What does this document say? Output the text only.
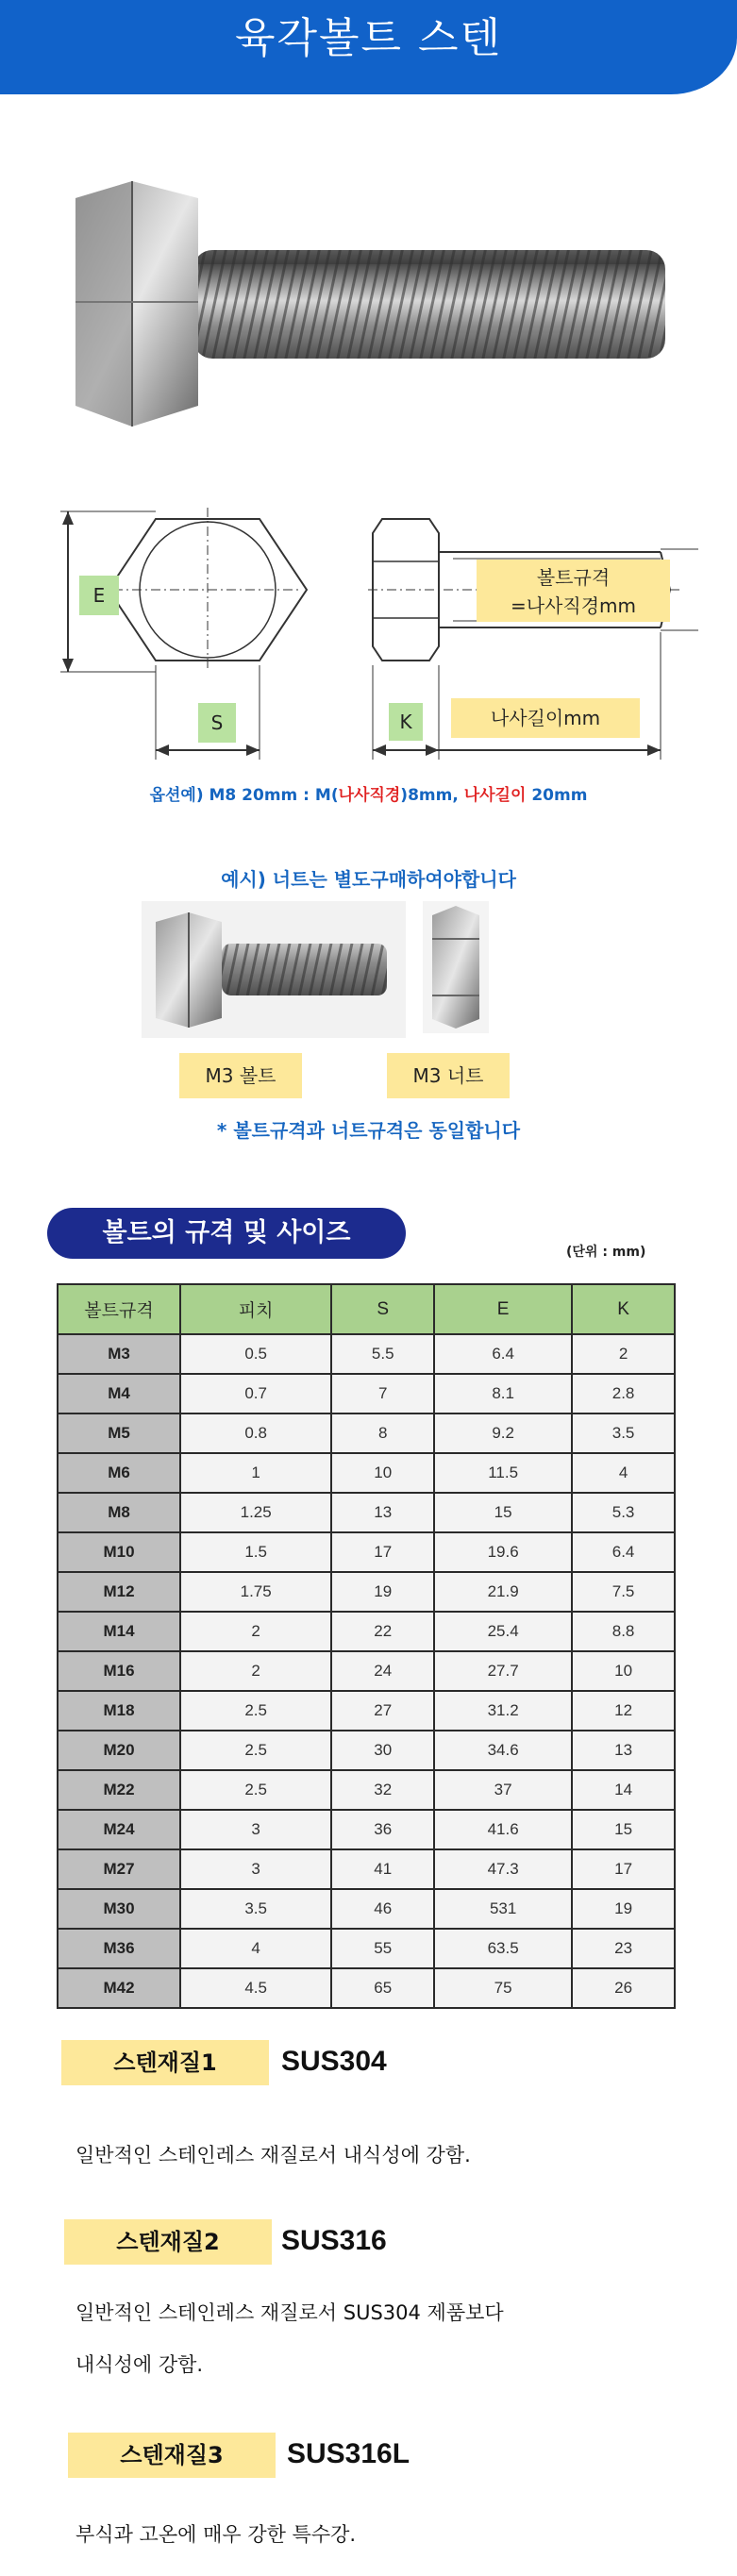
육각볼트 스텐
E
S	K
볼트규격
=나사직경mm
나사길이mm
옵션예) M8 20mm : M(나사직경)8mm, 나사길이 20mm
예시) 너트는 별도구매하여야합니다
M3 볼트	M3 너트
* 볼트규격과 너트규격은 동일합니다
볼트의 규격 및 사이즈
(단위 : mm)
볼트규격	피치	S	E	K
M3	0.5	5.5	6.4	2
M4	0.7	7	8.1	2.8
M5	0.8	8	9.2	3.5
M6	1	10	11.5	4
M8	1.25	13	15	5.3
M10	1.5	17	19.6	6.4
M12	1.75	19	21.9	7.5
M14	2	22	25.4	8.8
M16	2	24	27.7	10
M18	2.5	27	31.2	12
M20	2.5	30	34.6	13
M22	2.5	32	37	14
M24	3	36	41.6	15
M27	3	41	47.3	17
M30	3.5	46	531	19
M36	4	55	63.5	23
M42	4.5	65	75	26
스텐재질1	SUS304
일반적인 스테인레스 재질로서 내식성에 강함.
스텐재질2	SUS316
일반적인 스테인레스 재질로서 SUS304 제품보다
내식성에 강함.
스텐재질3	SUS316L
부식과 고온에 매우 강한 특수강.
